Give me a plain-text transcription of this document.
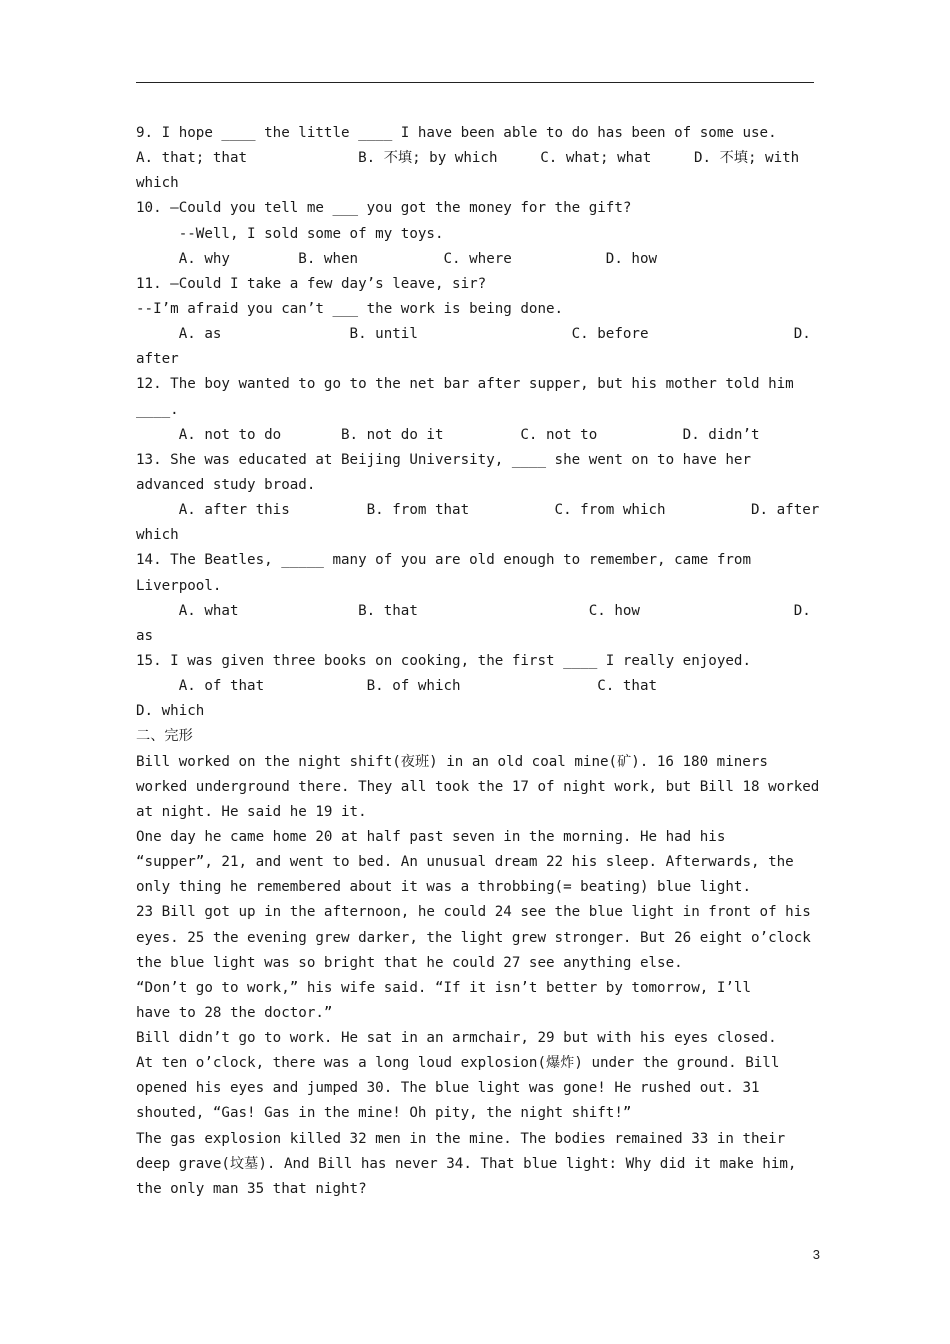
9. I hope ____ the little ____ I have been able to do has been of some use.
A. that; that             B. 不填; by which     C. what; what     D. 不填; with
which
10. –Could you tell me ___ you got the money for the gift?
--Well, I sold some of my toys.
A. why        B. when          C. where           D. how
11. –Could I take a few day’s leave, sir?
--I’m afraid you can’t ___ the work is being done.
A. as               B. until                  C. before                 D.
after
12. The boy wanted to go to the net bar after supper, but his mother told him
____.
A. not to do       B. not do it         C. not to          D. didn’t
13. She was educated at Beijing University, ____ she went on to have her
advanced study broad.
A. after this         B. from that          C. from which          D. after
which
14. The Beatles, _____ many of you are old enough to remember, came from
Liverpool.
A. what              B. that                    C. how                  D.
as
15. I was given three books on cooking, the first ____ I really enjoyed.
A. of that            B. of which                C. that
D. which
二、完形
Bill worked on the night shift(夜班) in an old coal mine(矿). 16 180 miners
worked underground there. They all took the 17 of night work, but Bill 18 worked
at night. He said he 19 it.
One day he came home 20 at half past seven in the morning. He had his
“supper”, 21, and went to bed. An unusual dream 22 his sleep. Afterwards, the
only thing he remembered about it was a throbbing(= beating) blue light.
23 Bill got up in the afternoon, he could 24 see the blue light in front of his
eyes. 25 the evening grew darker, the light grew stronger. But 26 eight o’clock
the blue light was so bright that he could 27 see anything else.
“Don’t go to work,” his wife said. “If it isn’t better by tomorrow, I’ll
have to 28 the doctor.”
Bill didn’t go to work. He sat in an armchair, 29 but with his eyes closed.
At ten o’clock, there was a long loud explosion(爆炸) under the ground. Bill
opened his eyes and jumped 30. The blue light was gone! He rushed out. 31
shouted, “Gas! Gas in the mine! Oh pity, the night shift!”
The gas explosion killed 32 men in the mine. The bodies remained 33 in their
deep grave(坟墓). And Bill has never 34. That blue light: Why did it make him,
the only man 35 that night?
3
